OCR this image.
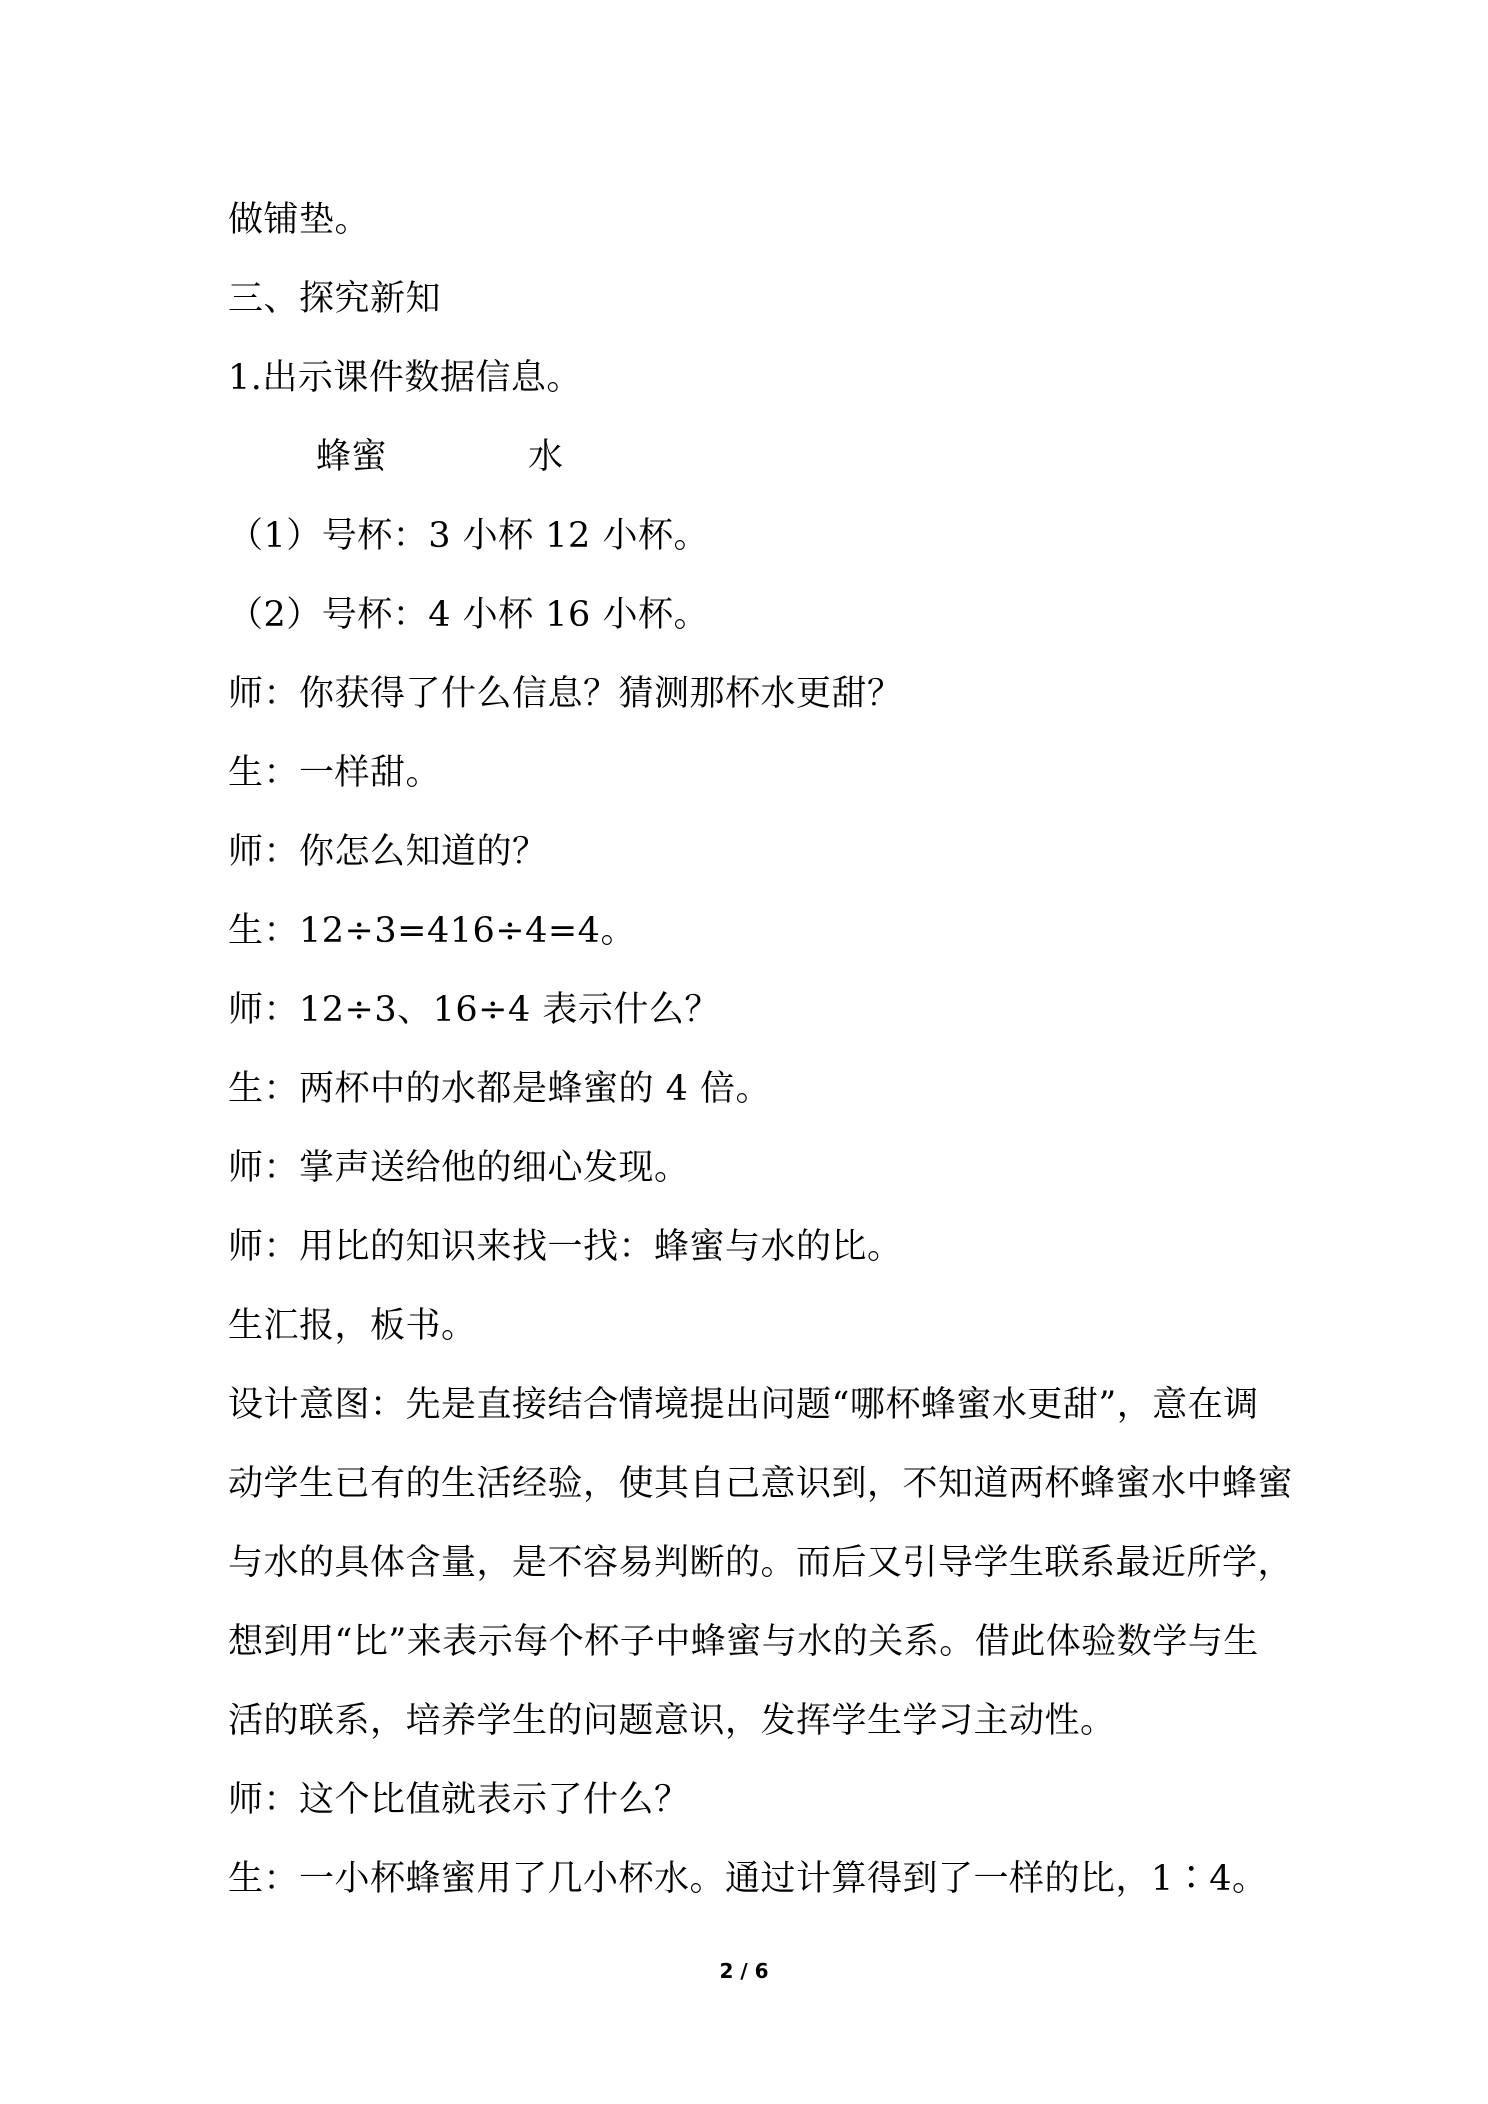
做铺垫。
三、探究新知
1.出示课件数据信息。
蜂蜜	水
（1）号杯：3 小杯 12 小杯。
（2）号杯：4 小杯 16 小杯。
师：你获得了什么信息？猜测那杯水更甜？
生：一样甜。
师：你怎么知道的？
生：12÷3=416÷4=4。
师：12÷3、16÷4 表示什么？
生：两杯中的水都是蜂蜜的 4 倍。
师：掌声送给他的细心发现。
师：用比的知识来找一找：蜂蜜与水的比。
生汇报，板书。
设计意图：先是直接结合情境提出问题“哪杯蜂蜜水更甜”，意在调
动学生已有的生活经验，使其自己意识到，不知道两杯蜂蜜水中蜂蜜
与水的具体含量，是不容易判断的。而后又引导学生联系最近所学，
想到用“比”来表示每个杯子中蜂蜜与水的关系。借此体验数学与生
活的联系，培养学生的问题意识，发挥学生学习主动性。
师：这个比值就表示了什么？
生：一小杯蜂蜜用了几小杯水。通过计算得到了一样的比，1∶4。
2 / 6
